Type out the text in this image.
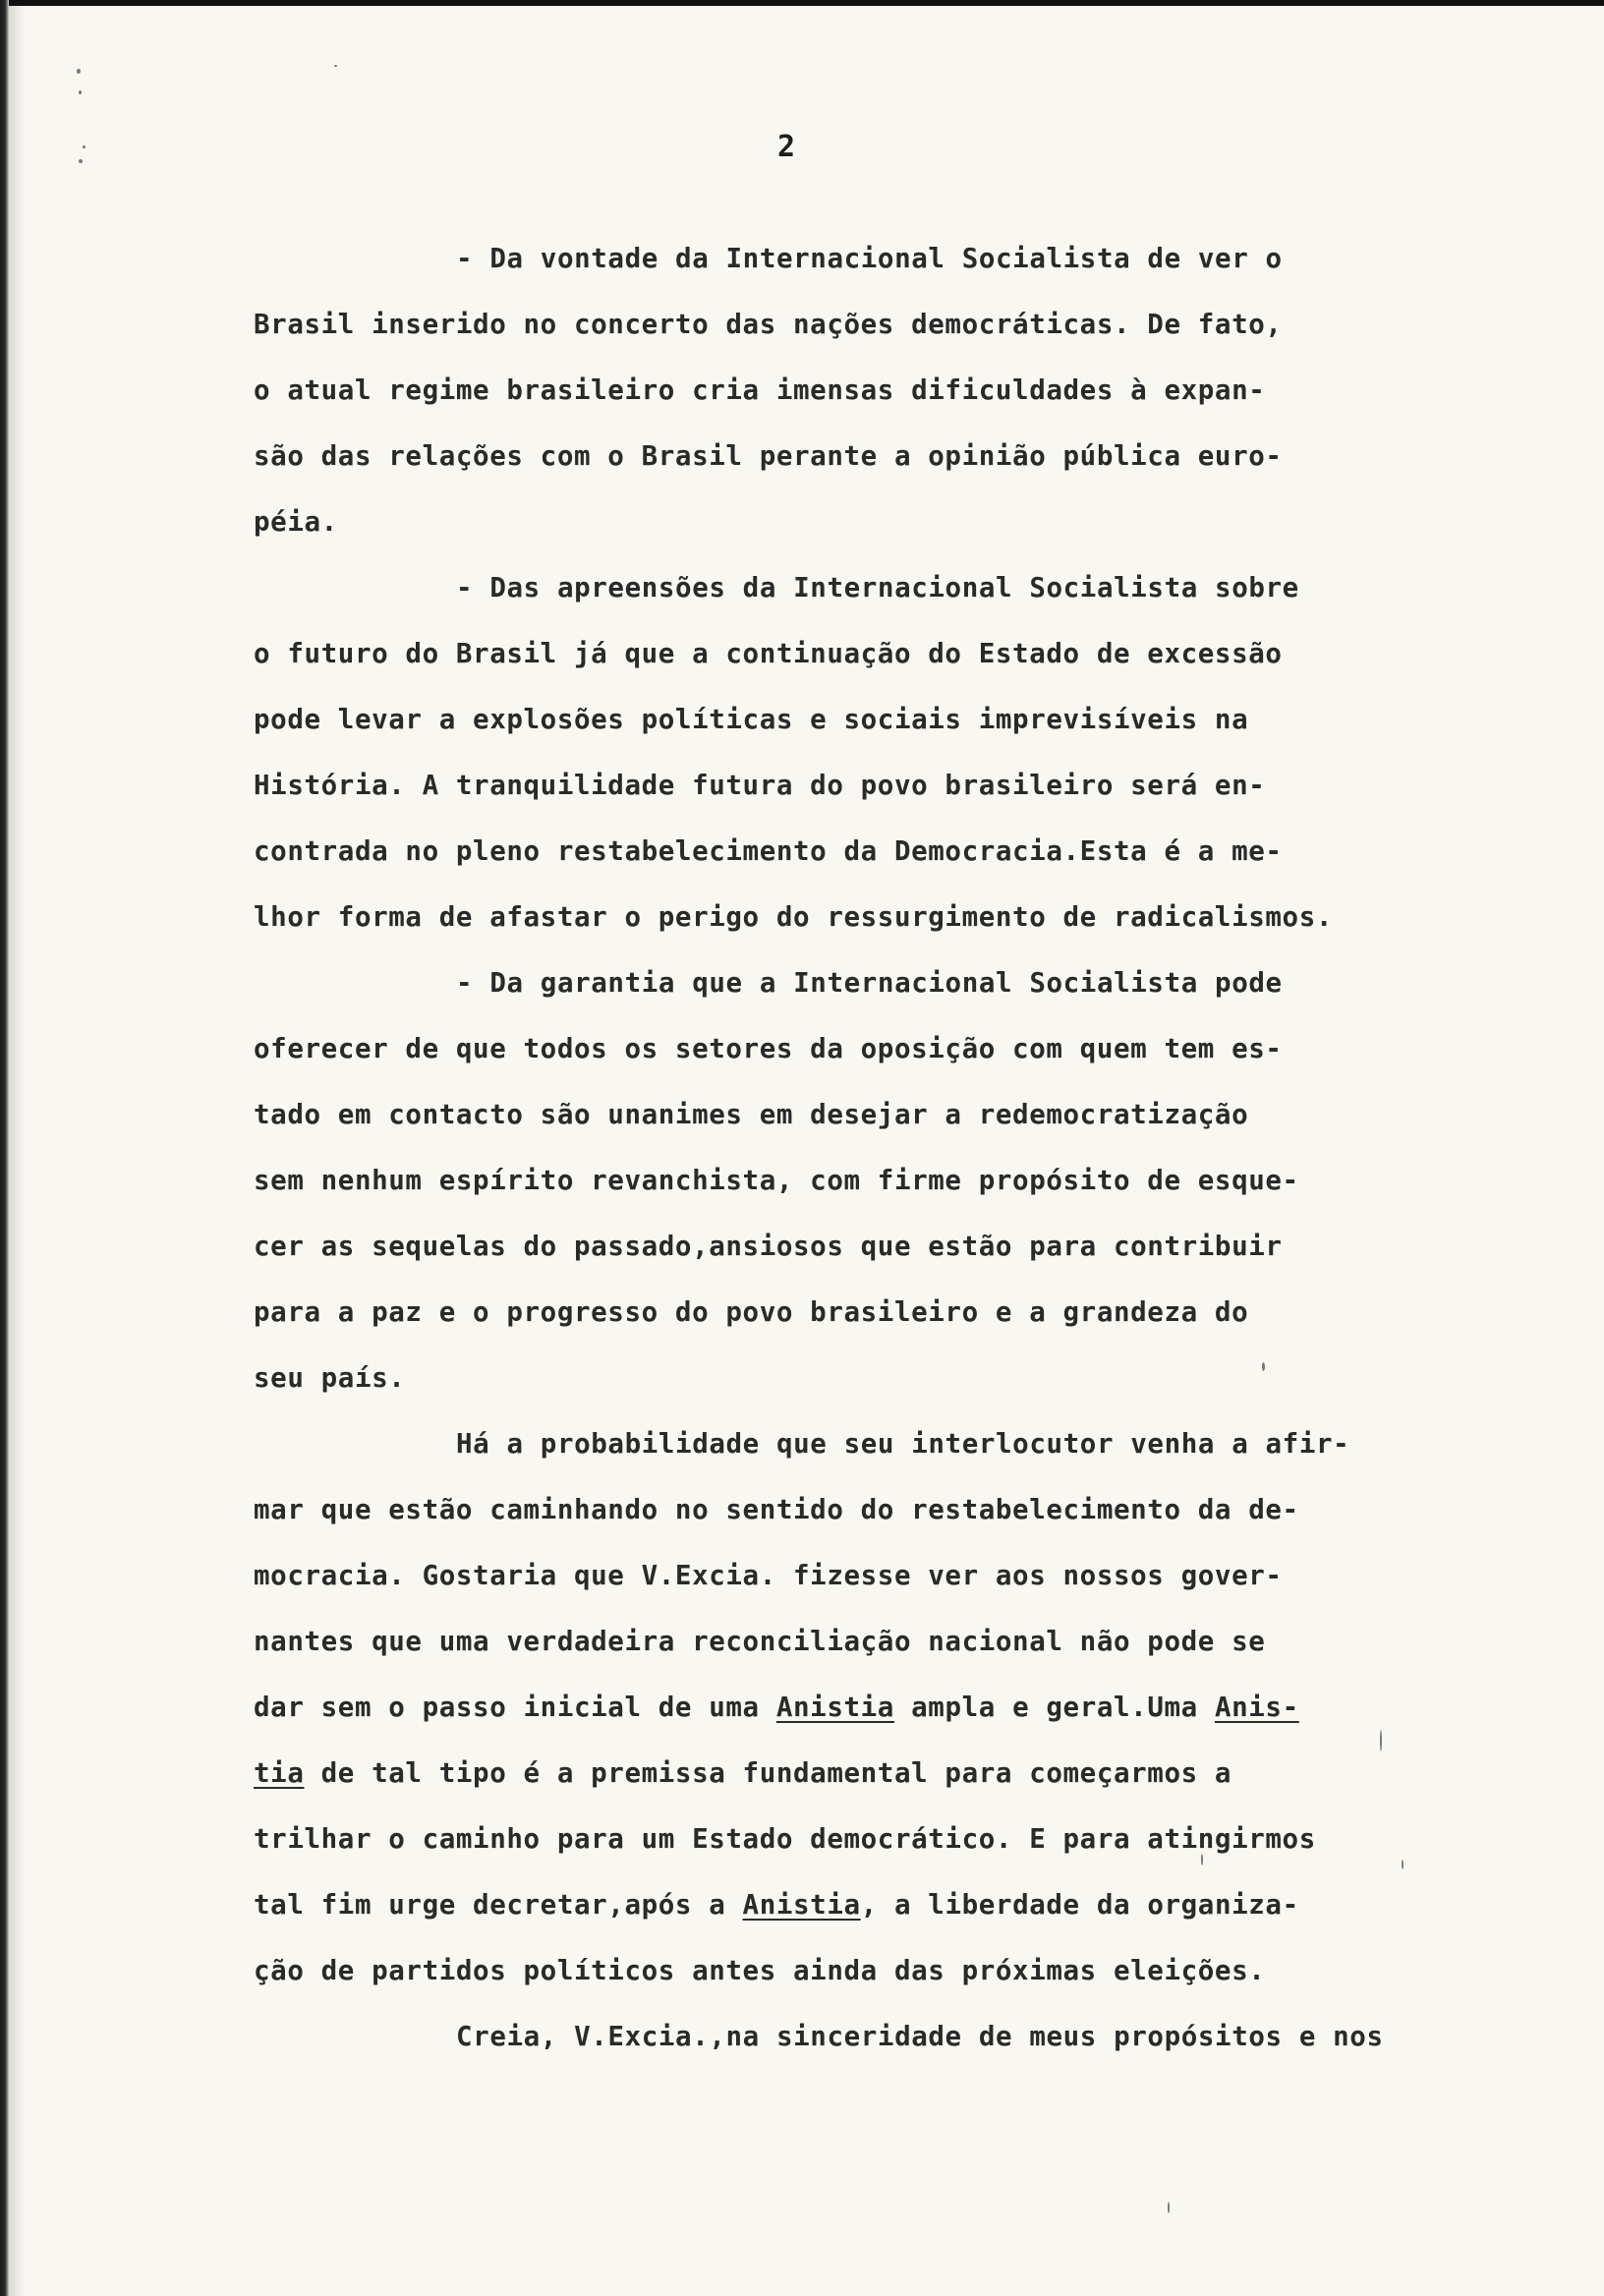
2
- Da vontade da Internacional Socialista de ver o
Brasil inserido no concerto das nações democráticas. De fato,
o atual regime brasileiro cria imensas dificuldades à expan-
são das relações com o Brasil perante a opinião pública euro-
péia.
- Das apreensões da Internacional Socialista sobre
o futuro do Brasil já que a continuação do Estado de excessão
pode levar a explosões políticas e sociais imprevisíveis na
História. A tranquilidade futura do povo brasileiro será en-
contrada no pleno restabelecimento da Democracia.Esta é a me-
lhor forma de afastar o perigo do ressurgimento de radicalismos.
- Da garantia que a Internacional Socialista pode
oferecer de que todos os setores da oposição com quem tem es-
tado em contacto são unanimes em desejar a redemocratização
sem nenhum espírito revanchista, com firme propósito de esque-
cer as sequelas do passado,ansiosos que estão para contribuir
para a paz e o progresso do povo brasileiro e a grandeza do
seu país.
Há a probabilidade que seu interlocutor venha a afir-
mar que estão caminhando no sentido do restabelecimento da de-
mocracia. Gostaria que V.Excia. fizesse ver aos nossos gover-
nantes que uma verdadeira reconciliação nacional não pode se
dar sem o passo inicial de uma Anistia ampla e geral.Uma Anis-
tia de tal tipo é a premissa fundamental para começarmos a
trilhar o caminho para um Estado democrático. E para atingirmos
tal fim urge decretar,após a Anistia, a liberdade da organiza-
ção de partidos políticos antes ainda das próximas eleições.
Creia, V.Excia.,na sinceridade de meus propósitos e nos
